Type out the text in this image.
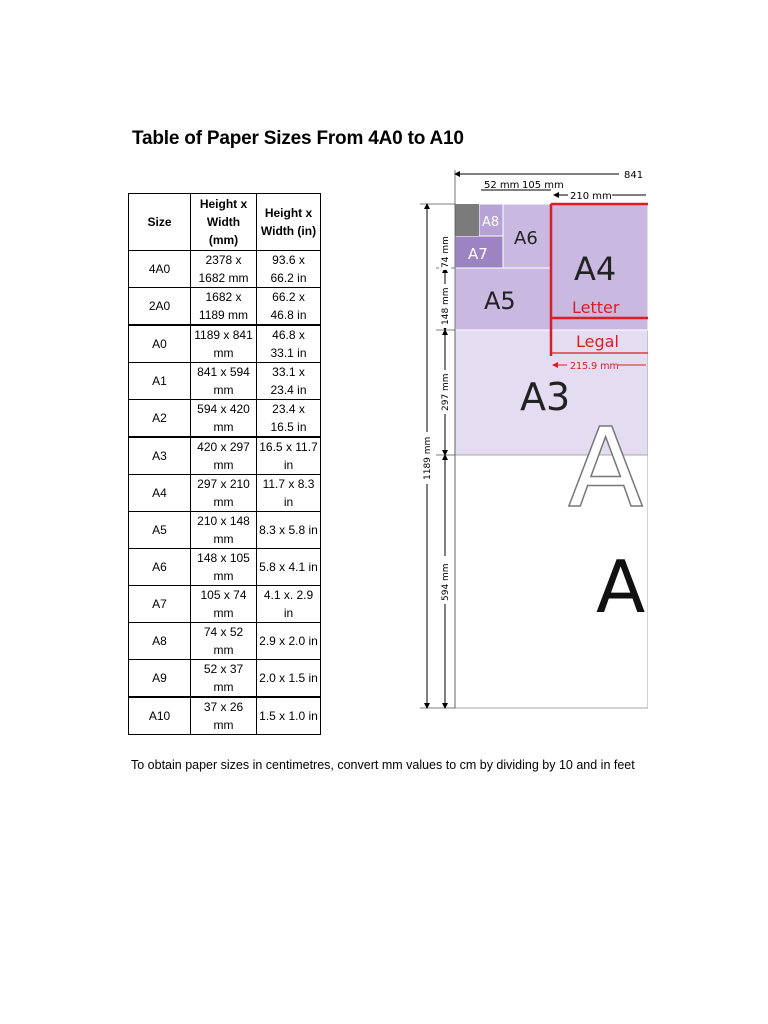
Table of Paper Sizes From 4A0 to A10
Size	Height x Width (mm)	Height x Width (in)
4A0	2378 x 1682 mm	93.6 x 66.2 in
2A0	1682 x 1189 mm	66.2 x 46.8 in
A0	1189 x 841 mm	46.8 x 33.1 in
A1	841 x 594 mm	33.1 x 23.4 in
A2	594 x 420 mm	23.4 x 16.5 in
A3	420 x 297 mm	16.5 x 11.7 in
A4	297 x 210 mm	11.7 x 8.3 in
A5	210 x 148 mm	8.3 x 5.8 in
A6	148 x 105 mm	5.8 x 4.1 in
A7	105 x 74 mm	4.1 x. 2.9 in
A8	74 x 52 mm	2.9 x 2.0 in
A9	52 x 37 mm	2.0 x 1.5 in
A10	37 x 26 mm	1.5 x 1.0 in
841
52 mm 105 mm
210 mm
74 mm
148 mm
297 mm
594 mm
1189 mm
215.9 mm
A8
A7
A6
A5
A4
Letter
Legal
A3
A
A
To obtain paper sizes in centimetres, convert mm values to cm by dividing by 10 and in feet
